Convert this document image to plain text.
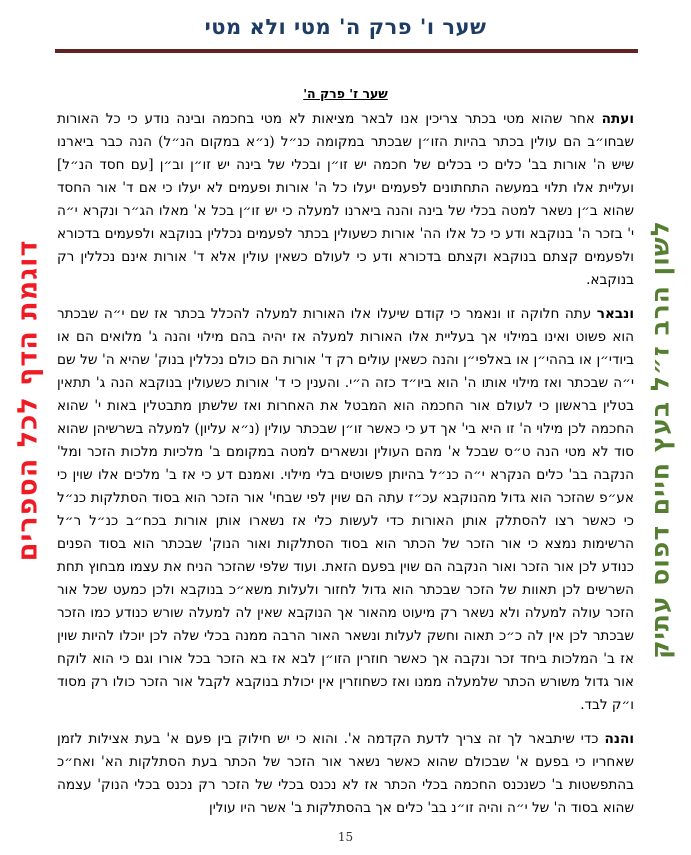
שער ו' פרק ה' מטי ולא מטי
שער ז' פרק ה'

ועתה אחר שהוא מטי בכתר צריכין אנו לבאר מציאות לא מטי בחכמה ובינה נודע כי כל האורות שבחו״ב הם עולין בכתר בהיות הזו״ן שבכתר במקומה כנ״ל (נ״א במקום הנ״ל) הנה כבר ביארנו שיש ה' אורות בב' כלים כי בכלים של חכמה יש זו״ן ובכלי של בינה יש זו״ן וב״ן [עם חסד הנ״ל] ועליית אלו תלוי במעשה התחתונים לפעמים יעלו כל ה' אורות ופעמים לא יעלו כי אם ד' אור החסד שהוא ב״ן נשאר למטה בכלי של בינה והנה ביארנו למעלה כי יש זו״ן בכל א' מאלו הג״ר ונקרא י״ה י' בזכר ה' בנוקבא ודע כי כל אלו הה' אורות כשעולין בכתר לפעמים נכללין בנוקבא ולפעמים בדכורא ולפעמים קצתם בנוקבא וקצתם בדכורא ודע כי לעולם כשאין עולין אלא ד' אורות אינם נכללין רק בנוקבא.

ונבאר עתה חלוקה זו ונאמר כי קודם שיעלו אלו האורות למעלה להכלל בכתר אז שם י״ה שבכתר הוא פשוט ואינו במילוי אך בעליית אלו האורות למעלה אז יהיה בהם מילוי והנה ג' מלואים הם או ביודי״ן או בההי״ן או באלפי״ן והנה כשאין עולים רק ד' אורות הם כולם נכללין בנוק' שהיא ה' של שם י״ה שבכתר ואז מילוי אותו ה' הוא ביו״ד כזה ה״י. והענין כי ד' אורות כשעולין בנוקבא הנה ג' תתאין בטלין בראשון כי לעולם אור החכמה הוא המבטל את האחרות ואז שלשתן מתבטלין באות י' שהוא החכמה לכן מילוי ה' זו היא בי' אך דע כי כאשר זו״ן שבכתר עולין (נ״א עליון) למעלה בשרשיהן שהוא סוד לא מטי הנה ט״ס שבכל א' מהם העולין ונשארים למטה במקומם ב' מלכיות מלכות הזכר ומל' הנקבה בב' כלים הנקרא י״ה כנ״ל בהיותן פשוטים בלי מילוי. ואמנם דע כי אז ב' מלכים אלו שוין כי אע״פ שהזכר הוא גדול מהנוקבא עכ״ז עתה הם שוין לפי שבחי' אור הזכר הוא בסוד הסתלקות כנ״ל כי כאשר רצו להסתלק אותן האורות כדי לעשות כלי אז נשארו אותן אורות בכח״ב כנ״ל ר״ל הרשימות נמצא כי אור הזכר של הכתר הוא בסוד הסתלקות ואור הנוק' שבכתר הוא בסוד הפנים כנודע לכן אור הזכר ואור הנקבה הם שוין בפעם הזאת. ועוד שלפי שהזכר הניח את עצמו מבחוץ תחת השרשים לכן תאוות של הזכר שבכתר הוא גדול לחזור ולעלות משא״כ בנוקבא ולכן כמעט שכל אור הזכר עולה למעלה ולא נשאר רק מיעוט מהאור אך הנוקבא שאין לה למעלה שורש כנודע כמו הזכר שבכתר לכן אין לה כ״כ תאוה וחשק לעלות ונשאר האור הרבה ממנה בכלי שלה לכן יוכלו להיות שוין אז ב' המלכות ביחד זכר ונקבה אך כאשר חוזרין הזו״ן לבא אז בא הזכר בכל אורו וגם כי הוא לוקח אור גדול משורש הכתר שלמעלה ממנו ואז כשחוזרין אין יכולת בנוקבא לקבל אור הזכר כולו רק מסוד ו״ק לבד.

והנה כדי שיתבאר לך זה צריך לדעת הקדמה א'. והוא כי יש חילוק בין פעם א' בעת אצילות לזמן שאחריו כי בפעם א' שבכולם שהוא כאשר נשאר אור הזכר של הכתר בעת הסתלקות הא' ואח״כ בהתפשטות ב' כשנכנס החכמה בכלי הכתר אז לא נכנס בכלי של הזכר רק נכנס בכלי הנוק' עצמה שהוא בסוד ה' של י״ה והיה זו״נ בב' כלים אך בהסתלקות ב' אשר היו עולין

דוגמת הדף לכל הספרים	לשון הרב ז״ל בעץ חיים דפוס עתיק
15
